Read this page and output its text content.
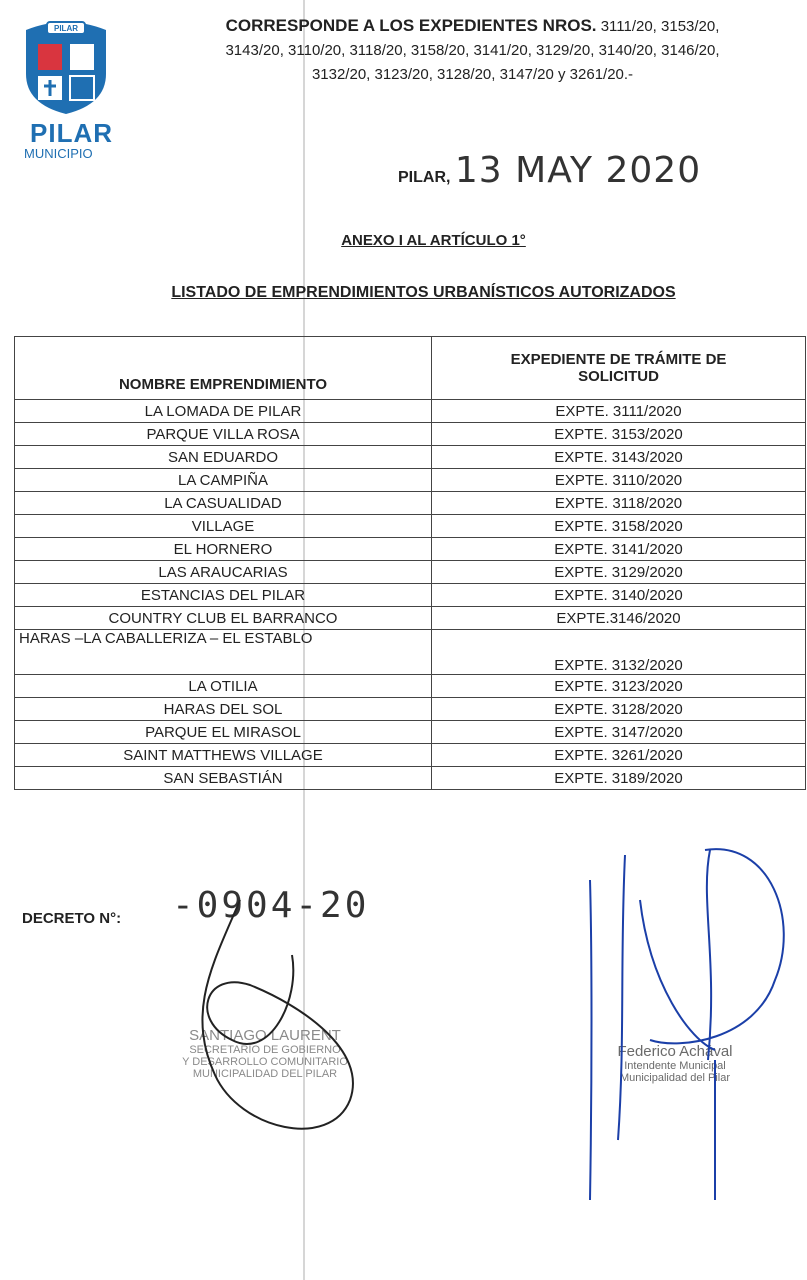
PILAR
PILAR
MUNICIPIO
CORRESPONDE A LOS EXPEDIENTES NROS. 3111/20, 3153/20,
3143/20, 3110/20, 3118/20, 3158/20, 3141/20, 3129/20, 3140/20, 3146/20,
3132/20, 3123/20, 3128/20, 3147/20 y 3261/20.-
PILAR, 13 MAY 2020
ANEXO I AL ARTÍCULO 1°
LISTADO DE EMPRENDIMIENTOS URBANÍSTICOS AUTORIZADOS
NOMBRE EMPRENDIMIENTO	EXPEDIENTE DE TRÁMITE DE
SOLICITUD

LA LOMADA DE PILAR	EXPTE. 3111/2020
PARQUE VILLA ROSA	EXPTE. 3153/2020
SAN EDUARDO	EXPTE. 3143/2020
LA CAMPIÑA	EXPTE. 3110/2020
LA CASUALIDAD	EXPTE. 3118/2020
VILLAGE	EXPTE. 3158/2020
EL HORNERO	EXPTE. 3141/2020
LAS ARAUCARIAS	EXPTE. 3129/2020
ESTANCIAS DEL PILAR	EXPTE. 3140/2020
COUNTRY CLUB EL BARRANCO	EXPTE.3146/2020
HARAS –LA CABALLERIZA – EL ESTABLO	EXPTE. 3132/2020
LA OTILIA	EXPTE. 3123/2020
HARAS DEL SOL	EXPTE. 3128/2020
PARQUE EL MIRASOL	EXPTE. 3147/2020
SAINT MATTHEWS VILLAGE	EXPTE. 3261/2020
SAN SEBASTIÁN	EXPTE. 3189/2020
DECRETO N°: -0904-20
SANTIAGO LAURENT
SECRETARIO DE GOBIERNO
Y DESARROLLO COMUNITARIO
MUNICIPALIDAD DEL PILAR
Federico Achával
Intendente Municipal
Municipalidad del Pilar
